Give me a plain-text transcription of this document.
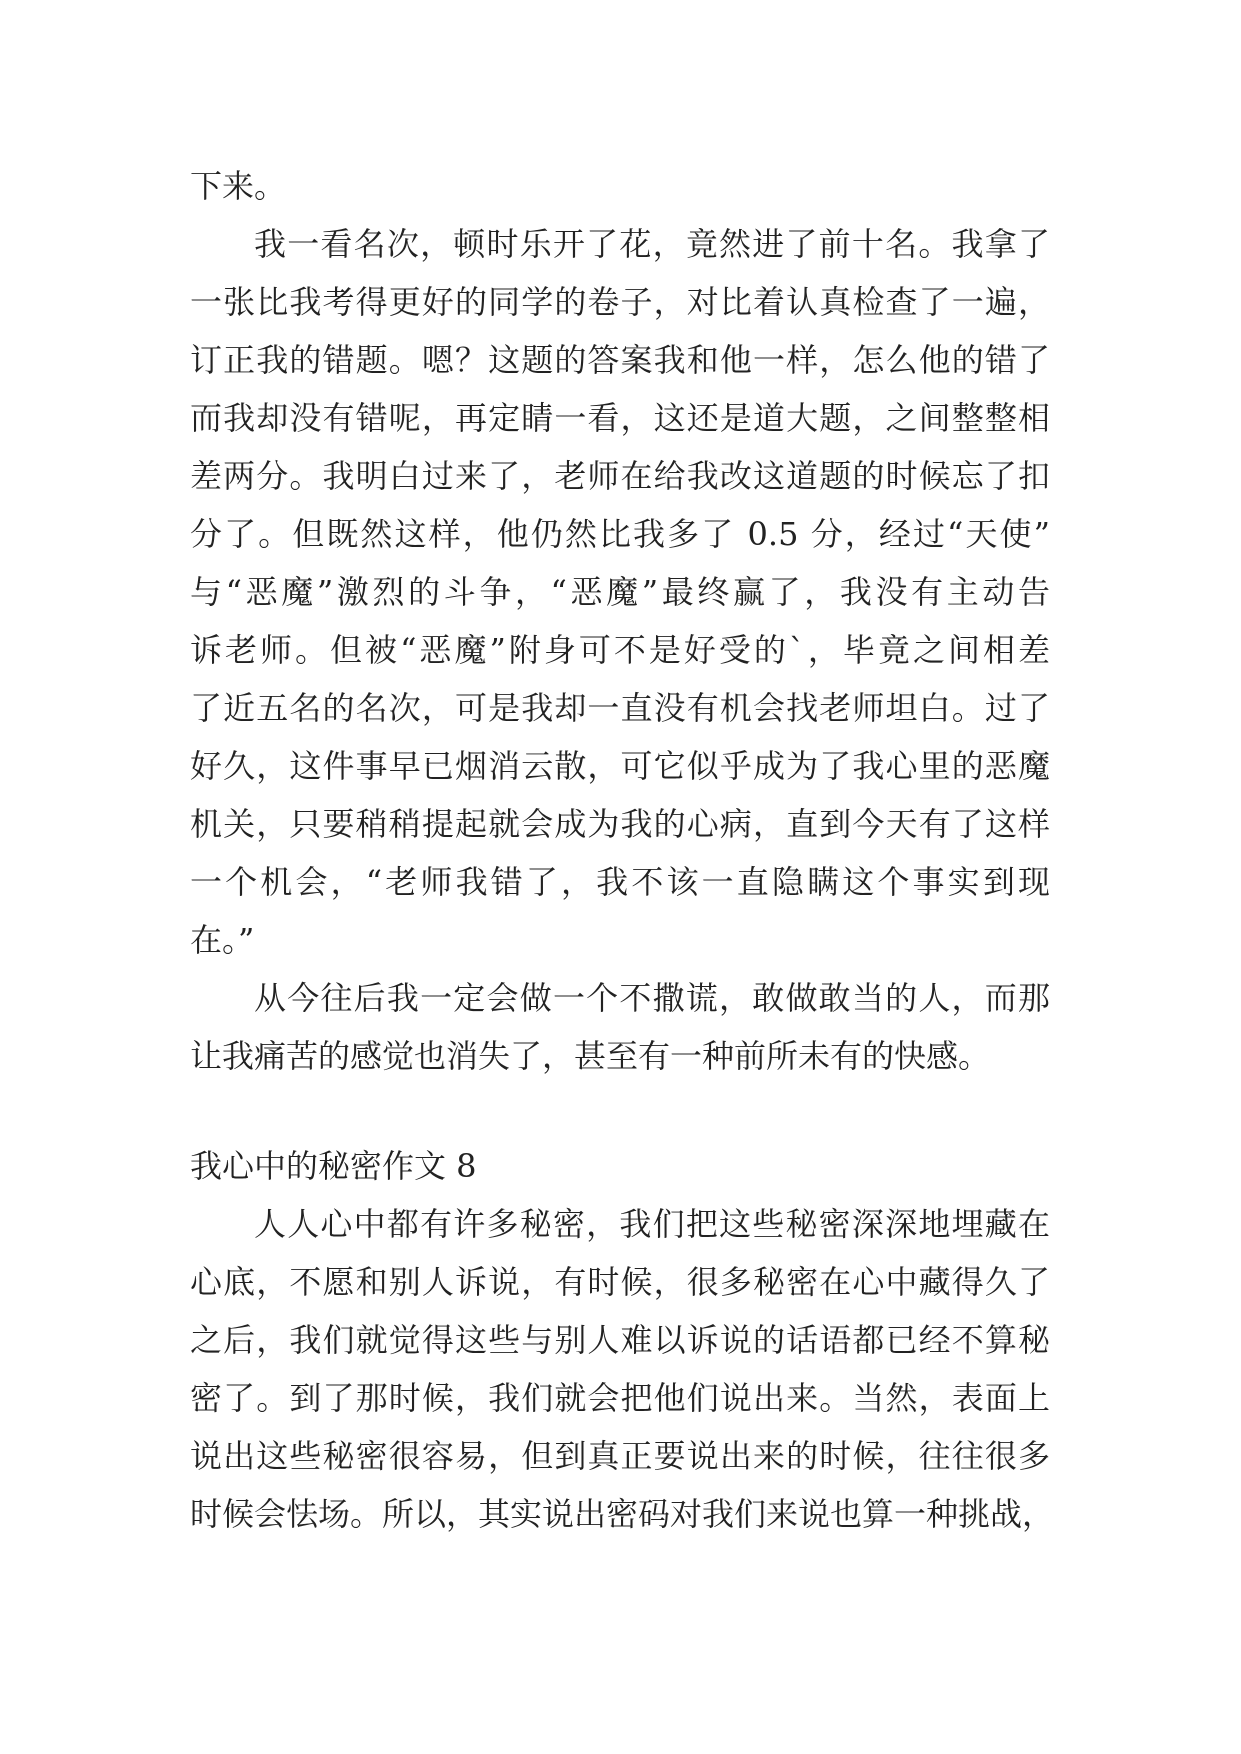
下来。
我一看名次，顿时乐开了花，竟然进了前十名。我拿了
一张比我考得更好的同学的卷子，对比着认真检查了一遍，
订正我的错题。嗯？这题的答案我和他一样，怎么他的错了
而我却没有错呢，再定睛一看，这还是道大题，之间整整相
差两分。我明白过来了，老师在给我改这道题的时候忘了扣
分了。但既然这样，他仍然比我多了 0.5 分，经过“天使”
与“恶魔”激烈的斗争，“恶魔”最终赢了，我没有主动告
诉老师。但被“恶魔”附身可不是好受的`，毕竟之间相差
了近五名的名次，可是我却一直没有机会找老师坦白。过了
好久，这件事早已烟消云散，可它似乎成为了我心里的恶魔
机关，只要稍稍提起就会成为我的心病，直到今天有了这样
一个机会，“老师我错了，我不该一直隐瞒这个事实到现
在。”
从今往后我一定会做一个不撒谎，敢做敢当的人，而那
让我痛苦的感觉也消失了，甚至有一种前所未有的快感。
我心中的秘密作文 8
人人心中都有许多秘密，我们把这些秘密深深地埋藏在
心底，不愿和别人诉说，有时候，很多秘密在心中藏得久了
之后，我们就觉得这些与别人难以诉说的话语都已经不算秘
密了。到了那时候，我们就会把他们说出来。当然，表面上
说出这些秘密很容易，但到真正要说出来的时候，往往很多
时候会怯场。所以，其实说出密码对我们来说也算一种挑战，
